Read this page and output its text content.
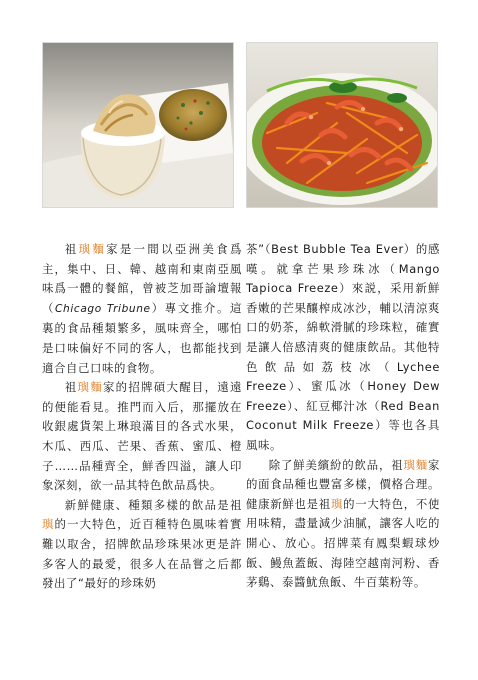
祖璵麵家是一間以亞洲美食爲主，集中、日、韓、越南和東南亞風味爲一體的餐館，曾被芝加哥論壇報（Chicago Tribune）專文推介。這裏的食品種類繁多，風味齊全，哪怕是口味偏好不同的客人，也都能找到適合自己口味的食物。

祖璵麵家的招牌碩大醒目，遠遠的便能看見。推門而入后，那擺放在收銀處貨架上琳琅滿目的各式水果，木瓜、西瓜、芒果、香蕉、蜜瓜、橙子……品種齊全，鮮香四溢，讓人印象深刻，欲一品其特色飲品爲快。

新鮮健康、種類多樣的飲品是祖璵的一大特色，近百種特色風味着實難以取舍，招牌飲品珍珠果冰更是許多客人的最愛，很多人在品嘗之后都發出了“最好的珍珠奶

茶”（Best Bubble Tea Ever）的感嘆。就拿芒果珍珠冰（Mango Tapioca Freeze）來説，采用新鮮香嫩的芒果釀榨成冰沙，輔以清涼爽口的奶茶，綿軟滑膩的珍珠粒，確實是讓人倍感清爽的健康飲品。其他特色飲品如荔枝冰（Lychee Freeze）、蜜瓜冰（Honey Dew Freeze）、紅豆椰汁冰（Red Bean Coconut Milk Freeze）等也各具風味。

除了鮮美繽紛的飲品，祖璵麵家的面食品種也豐富多樣，價格合理。健康新鮮也是祖璵的一大特色，不使用味精，盡量減少油膩，讓客人吃的開心、放心。招牌菜有鳳梨蝦球炒飯、鰻魚蓋飯、海陸空越南河粉、香茅鷄、泰醬魷魚飯、牛百葉粉等。
